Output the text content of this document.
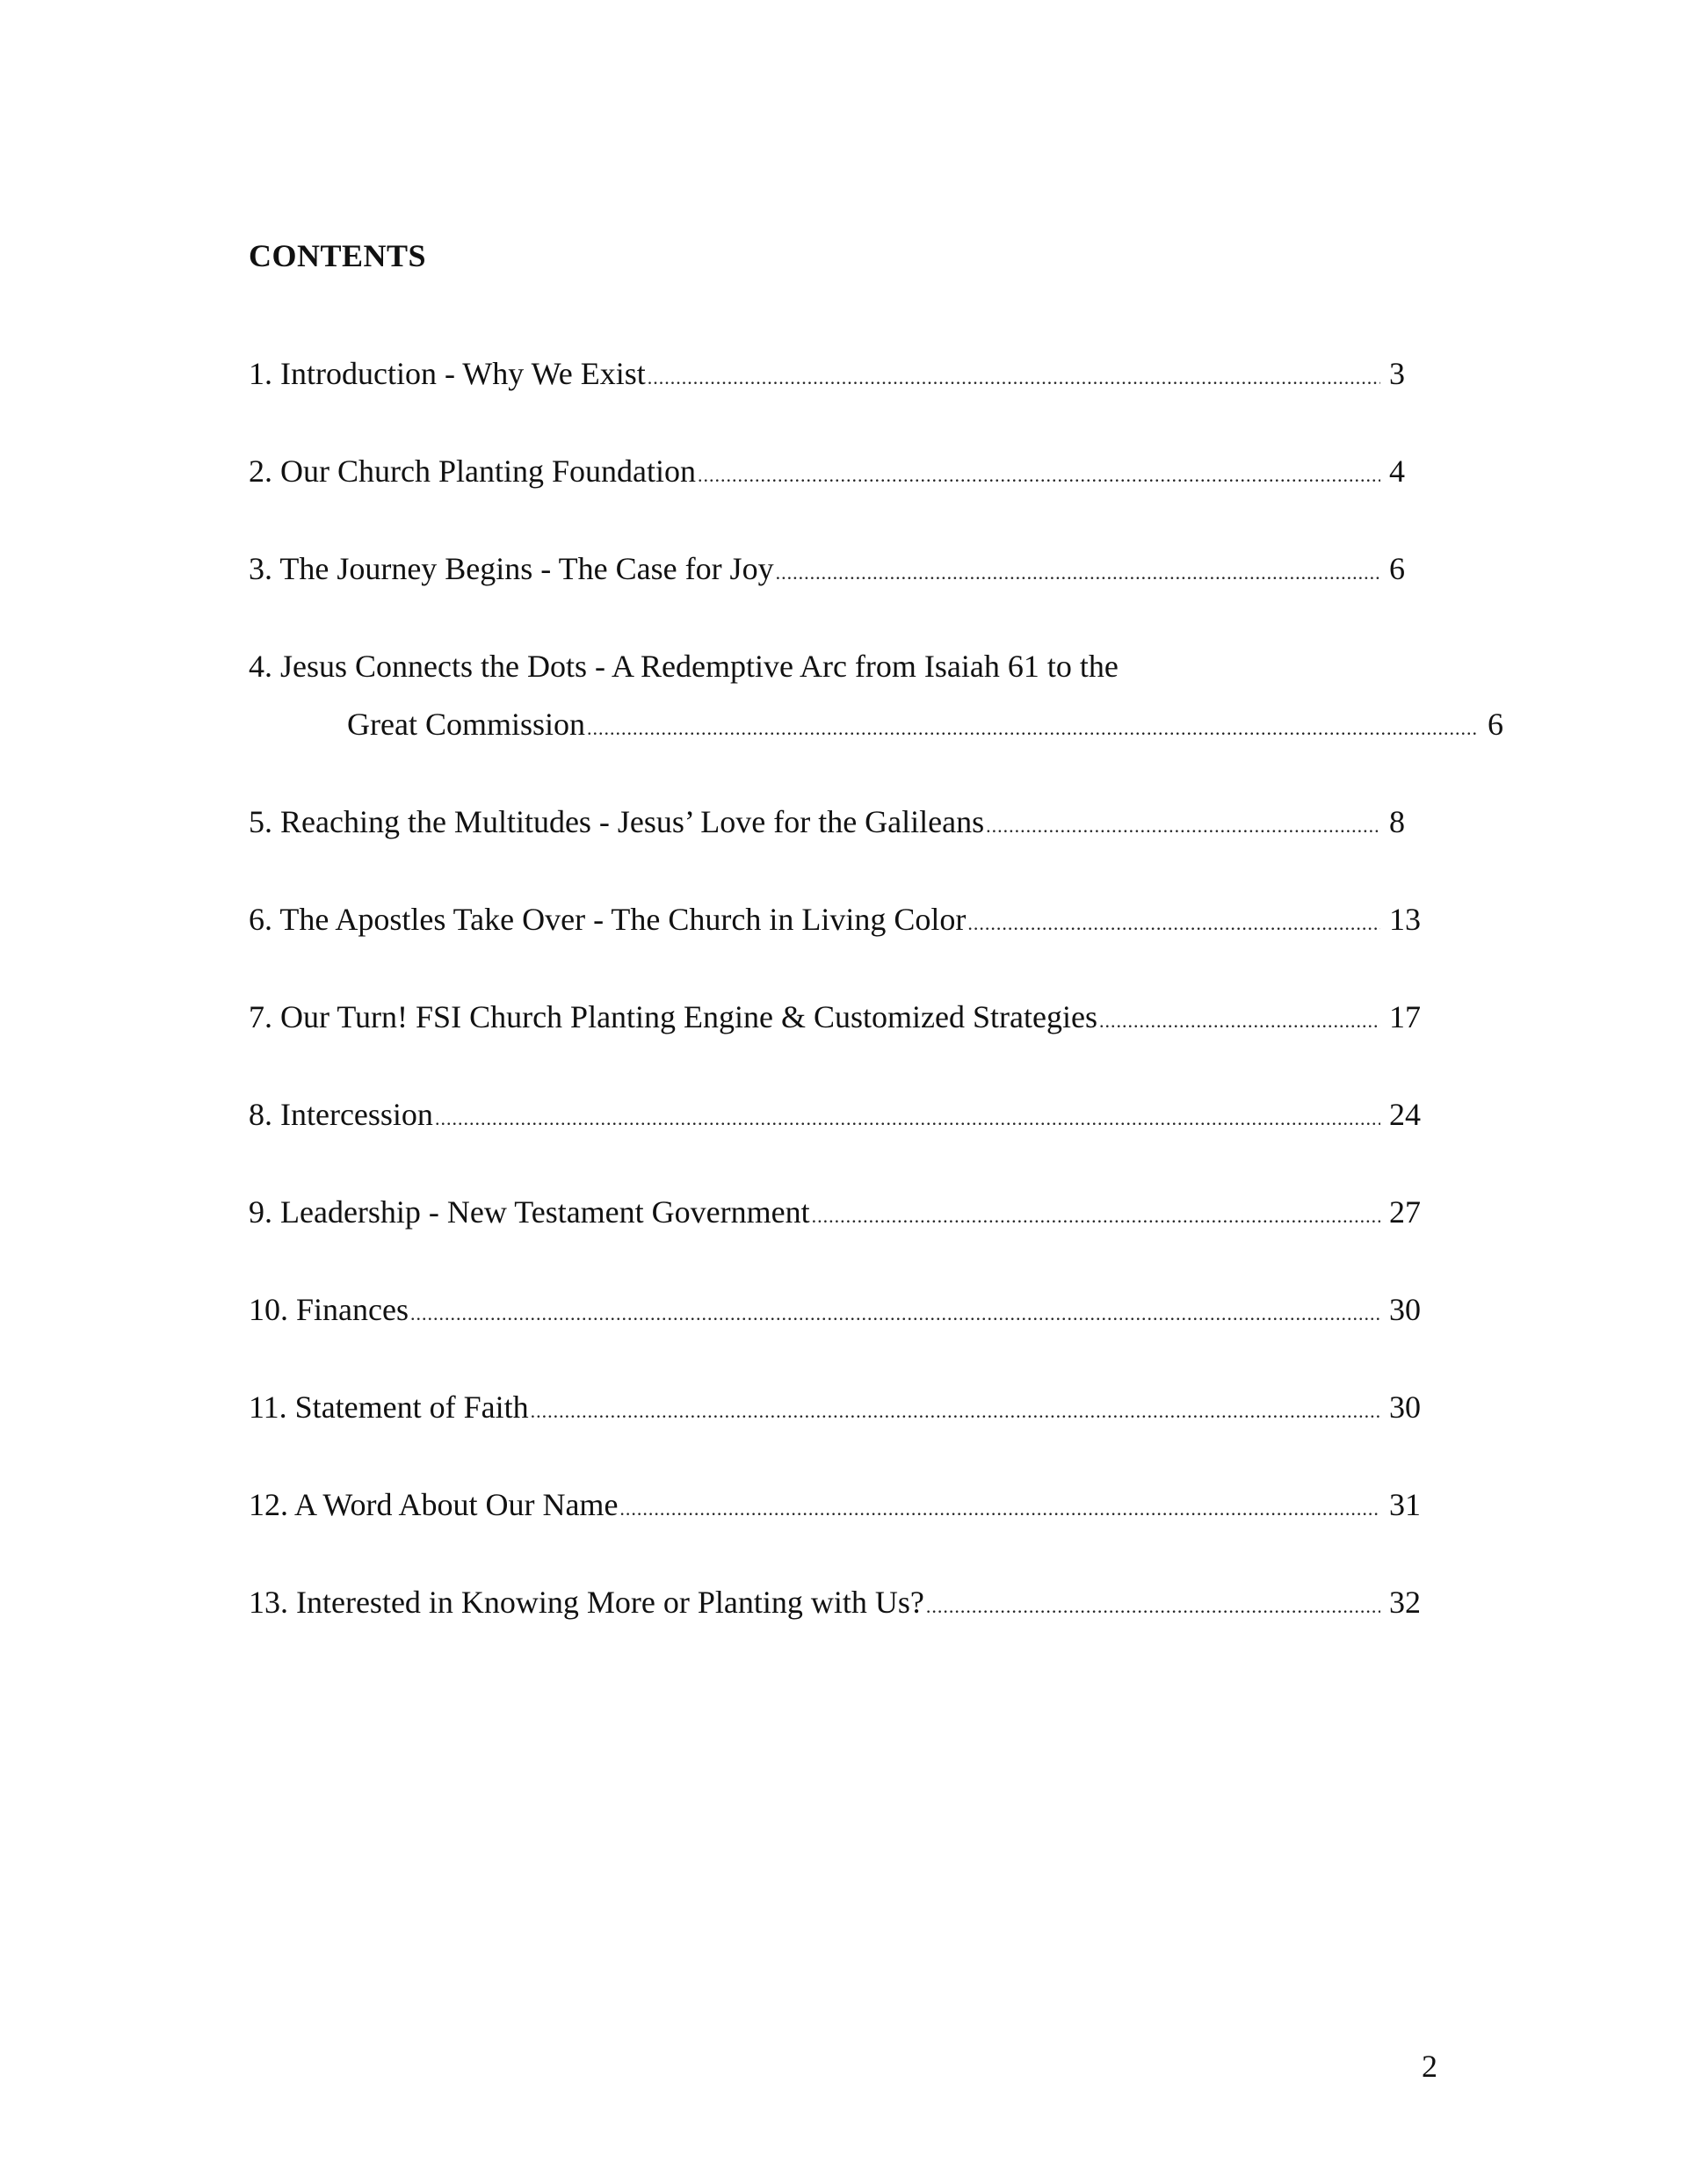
CONTENTS
1. Introduction - Why We Exist .....	3
2. Our Church Planting Foundation .....	4
3. The Journey Begins - The Case for Joy .....	6
4. Jesus Connects the Dots - A Redemptive Arc from Isaiah 61 to the
Great Commission .....	6
5. Reaching the Multitudes - Jesus’ Love for the Galileans .....	8
6. The Apostles Take Over - The Church in Living Color .....	13
7. Our Turn! FSI Church Planting Engine & Customized Strategies .....	17
8. Intercession .....	24
9. Leadership - New Testament Government .....	27
10. Finances .....	30
11. Statement of Faith .....	30
12. A Word About Our Name .....	31
13. Interested in Knowing More or Planting with Us? .....	32
2
